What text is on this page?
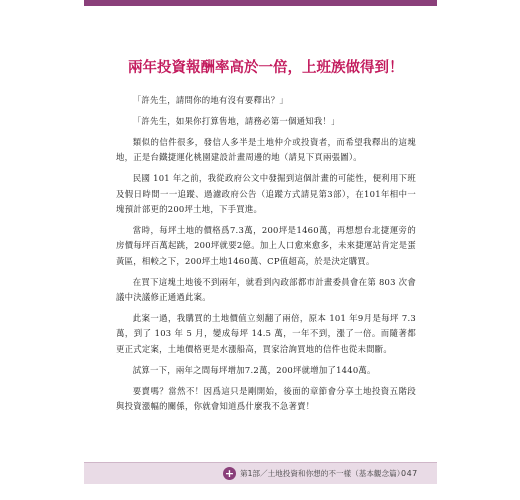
兩年投資報酬率高於一倍，上班族做得到！

「許先生，請問你的地有沒有要釋出？」

「許先生，如果你打算售地，請務必第一個通知我！」

類似的信件很多，發信人多半是土地仲介或投資者，而希望我釋出的這塊地，正是台鐵捷運化桃園建設計畫周邊的地（請見下頁兩張圖）。

民國 101 年之前，我從政府公文中發掘到這個計畫的可能性，便利用下班及假日時間一一追蹤、過濾政府公告（追蹤方式請見第3部），在101年相中一塊預計部更的200坪土地，下手買進。

當時，每坪土地的價格爲7.3萬，200坪是1460萬，再想想台北捷運旁的房價每坪百萬起跳，200坪就要2億。加上人口愈來愈多，未來捷運站肯定是蛋黃區，相較之下，200坪土地1460萬、CP值超高，於是決定購買。

在買下這塊土地後不到兩年，就看到內政部都市計畫委員會在第 803 次會議中決議修正通過此案。

此案一過，我購買的土地價值立刻翻了兩倍，原本 101 年9月是每坪 7.3 萬，到了 103 年 5 月，變成每坪 14.5 萬，一年不到，漲了一倍。而隨著都更正式定案，土地價格更是水漲船高，買家洽詢買地的信件也從未間斷。

試算一下，兩年之間每坪增加7.2萬，200坪就增加了1440萬。

要賣嗎？當然不！因爲這只是剛開始，後面的章節會分享土地投資五階段與投資漲幅的關係，你就會知道爲什麼我不急著賣！

+ 第1部／土地投資和你想的不一樣（基本觀念篇）
047
